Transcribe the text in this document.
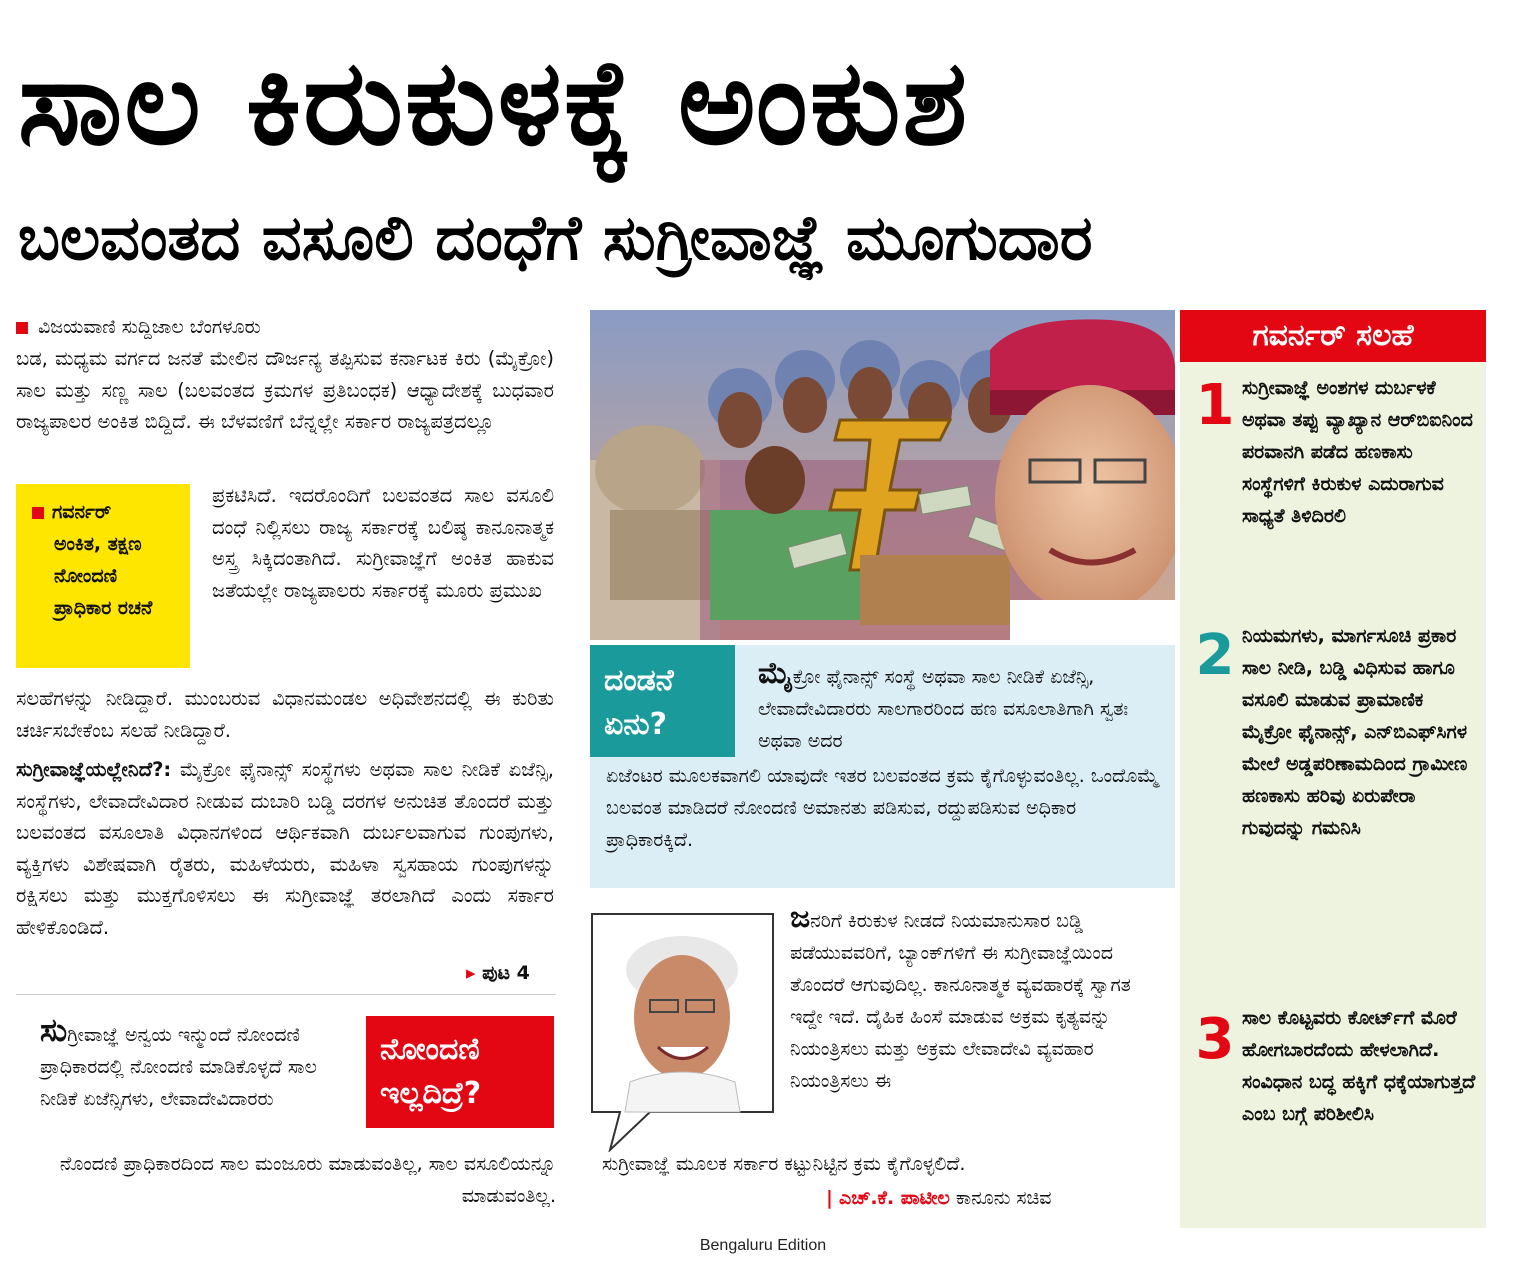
ಸಾಲ ಕಿರುಕುಳಕ್ಕೆ ಅಂಕುಶ
ಬಲವಂತದ ವಸೂಲಿ ದಂಧೆಗೆ ಸುಗ್ರೀವಾಜ್ಞೆ ಮೂಗುದಾರ
ವಿಜಯವಾಣಿ ಸುದ್ದಿಜಾಲ ಬೆಂಗಳೂರು
ಬಡ, ಮಧ್ಯಮ ವರ್ಗದ ಜನತೆ ಮೇಲಿನ ದೌರ್ಜನ್ಯ ತಪ್ಪಿಸುವ ಕರ್ನಾಟಕ ಕಿರು (ಮೈಕ್ರೋ) ಸಾಲ ಮತ್ತು ಸಣ್ಣ ಸಾಲ (ಬಲವಂತದ ಕ್ರಮಗಳ ಪ್ರತಿಬಂಧಕ) ಆಧ್ಯಾದೇಶಕ್ಕೆ ಬುಧವಾರ ರಾಜ್ಯಪಾಲರ ಅಂಕಿತ ಬಿದ್ದಿದೆ. ಈ ಬೆಳವಣಿಗೆ ಬೆನ್ನಲ್ಲೇ ಸರ್ಕಾರ ರಾಜ್ಯಪತ್ರದಲ್ಲೂ
ಪ್ರಕಟಿಸಿದೆ. ಇದರೊಂದಿಗೆ ಬಲವಂತದ ಸಾಲ ವಸೂಲಿ ದಂಧೆ ನಿಲ್ಲಿಸಲು ರಾಜ್ಯ ಸರ್ಕಾರಕ್ಕೆ ಬಲಿಷ್ಠ ಕಾನೂನಾತ್ಮಕ ಅಸ್ತ್ರ ಸಿಕ್ಕಿದಂತಾಗಿದೆ. ಸುಗ್ರೀವಾಜ್ಞೆಗೆ ಅಂಕಿತ ಹಾಕುವ ಜತೆಯಲ್ಲೇ ರಾಜ್ಯಪಾಲರು ಸರ್ಕಾರಕ್ಕೆ ಮೂರು ಪ್ರಮುಖ
ಸಲಹೆಗಳನ್ನು ನೀಡಿದ್ದಾರೆ. ಮುಂಬರುವ ವಿಧಾನಮಂಡಲ ಅಧಿವೇಶನದಲ್ಲಿ ಈ ಕುರಿತು ಚರ್ಚಿಸಬೇಕೆಂಬ ಸಲಹೆ ನೀಡಿದ್ದಾರೆ.
ಸುಗ್ರೀವಾಜ್ಞೆಯಲ್ಲೇನಿದೆ?: ಮೈಕ್ರೋ ಫೈನಾನ್ಸ್ ಸಂಸ್ಥೆಗಳು ಅಥವಾ ಸಾಲ ನೀಡಿಕೆ ಏಜೆನ್ಸಿ, ಸಂಸ್ಥೆಗಳು, ಲೇವಾದೇವಿದಾರ ನೀಡುವ ದುಬಾರಿ ಬಡ್ಡಿ ದರಗಳ ಅನುಚಿತ ತೊಂದರೆ ಮತ್ತು ಬಲವಂತದ ವಸೂಲಾತಿ ವಿಧಾನಗಳಿಂದ ಆರ್ಥಿಕವಾಗಿ ದುರ್ಬಲವಾಗುವ ಗುಂಪುಗಳು, ವ್ಯಕ್ತಿಗಳು ವಿಶೇಷವಾಗಿ ರೈತರು, ಮಹಿಳೆಯರು, ಮಹಿಳಾ ಸ್ವಸಹಾಯ ಗುಂಪುಗಳನ್ನು ರಕ್ಷಿಸಲು ಮತ್ತು ಮುಕ್ತಗೊಳಿಸಲು ಈ ಸುಗ್ರೀವಾಜ್ಞೆ ತರಲಾಗಿದೆ ಎಂದು ಸರ್ಕಾರ ಹೇಳಿಕೊಂಡಿದೆ.
▸ ಪುಟ 4
ಗವರ್ನರ್
ಅಂಕಿತ, ತಕ್ಷಣ ನೋಂದಣಿ ಪ್ರಾಧಿಕಾರ ರಚನೆ
ಸುಗ್ರೀವಾಜ್ಞೆ ಅನ್ವಯ ಇನ್ಮುಂದೆ ನೋಂದಣಿ ಪ್ರಾಧಿಕಾರದಲ್ಲಿ ನೋಂದಣಿ ಮಾಡಿಕೊಳ್ಳದೆ ಸಾಲ ನೀಡಿಕೆ ಏಜೆನ್ಸಿಗಳು, ಲೇವಾದೇವಿದಾರರು
ನೊಂದಣಿ ಪ್ರಾಧಿಕಾರದಿಂದ ಸಾಲ ಮಂಜೂರು ಮಾಡುವಂತಿಲ್ಲ, ಸಾಲ ವಸೂಲಿಯನ್ನೂ ಮಾಡುವಂತಿಲ್ಲ.
ನೋಂದಣಿ ಇಲ್ಲದಿದ್ರೆ?
ದಂಡನೆ ಏನು?
ಮೈಕ್ರೋ ಫೈನಾನ್ಸ್ ಸಂಸ್ಥೆ ಅಥವಾ ಸಾಲ ನೀಡಿಕೆ ಏಜೆನ್ಸಿ, ಲೇವಾದೇವಿದಾರರು ಸಾಲಗಾರರಿಂದ ಹಣ ವಸೂಲಾತಿಗಾಗಿ ಸ್ವತಃ ಅಥವಾ ಅದರ
ಏಜೆಂಟರ ಮೂಲಕವಾಗಲಿ ಯಾವುದೇ ಇತರ ಬಲವಂತದ ಕ್ರಮ ಕೈಗೊಳ್ಳುವಂತಿಲ್ಲ. ಒಂದೊಮ್ಮೆ ಬಲವಂತ ಮಾಡಿದರೆ ನೋಂದಣಿ ಅಮಾನತು ಪಡಿಸುವ, ರದ್ದುಪಡಿಸುವ ಅಧಿಕಾರ ಪ್ರಾಧಿಕಾರಕ್ಕಿದೆ.
ಜನರಿಗೆ ಕಿರುಕುಳ ನೀಡದೆ ನಿಯಮಾನುಸಾರ ಬಡ್ಡಿ ಪಡೆಯುವವರಿಗೆ, ಬ್ಯಾಂಕ್‌ಗಳಿಗೆ ಈ ಸುಗ್ರೀವಾಜ್ಞೆಯಿಂದ ತೊಂದರೆ ಆಗುವುದಿಲ್ಲ. ಕಾನೂನಾತ್ಮಕ ವ್ಯವಹಾರಕ್ಕೆ ಸ್ವಾಗತ ಇದ್ದೇ ಇದೆ. ದೈಹಿಕ ಹಿಂಸೆ ಮಾಡುವ ಅಕ್ರಮ ಕೃತ್ಯವನ್ನು ನಿಯಂತ್ರಿಸಲು ಮತ್ತು ಅಕ್ರಮ ಲೇವಾದೇವಿ ವ್ಯವಹಾರ ನಿಯಂತ್ರಿಸಲು ಈ
ಸುಗ್ರೀವಾಜ್ಞೆ ಮೂಲಕ ಸರ್ಕಾರ ಕಟ್ಟುನಿಟ್ಟಿನ ಕ್ರಮ ಕೈಗೊಳ್ಳಲಿದೆ.
| ಎಚ್.ಕೆ. ಪಾಟೀಲ ಕಾನೂನು ಸಚಿವ
ಗವರ್ನರ್ ಸಲಹೆ
1 ಸುಗ್ರೀವಾಜ್ಞೆ ಅಂಶಗಳ ದುರ್ಬಳಕೆ ಅಥವಾ ತಪ್ಪು ವ್ಯಾಖ್ಯಾನ ಆರ್‌ಬಿಐನಿಂದ ಪರವಾನಗಿ ಪಡೆದ ಹಣಕಾಸು ಸಂಸ್ಥೆಗಳಿಗೆ ಕಿರುಕುಳ ಎದುರಾಗುವ ಸಾಧ್ಯತೆ ತಿಳಿದಿರಲಿ
2 ನಿಯಮಗಳು, ಮಾರ್ಗಸೂಚಿ ಪ್ರಕಾರ ಸಾಲ ನೀಡಿ, ಬಡ್ಡಿ ವಿಧಿಸುವ ಹಾಗೂ ವಸೂಲಿ ಮಾಡುವ ಪ್ರಾಮಾಣಿಕ ಮೈಕ್ರೋ ಫೈನಾನ್ಸ್, ಎನ್‌ಬಿಎಫ್‌ಸಿಗಳ ಮೇಲೆ ಅಡ್ಡಪರಿಣಾಮದಿಂದ ಗ್ರಾಮೀಣ ಹಣಕಾಸು ಹರಿವು ಏರುಪೇರಾ ಗುವುದನ್ನು ಗಮನಿಸಿ
3 ಸಾಲ ಕೊಟ್ಟವರು ಕೋರ್ಟ್‌ಗೆ ಮೊರೆ ಹೋಗಬಾರದೆಂದು ಹೇಳಲಾಗಿದೆ. ಸಂವಿಧಾನ ಬದ್ಧ ಹಕ್ಕಿಗೆ ಧಕ್ಕೆಯಾಗುತ್ತದೆ ಎಂಬ ಬಗ್ಗೆ ಪರಿಶೀಲಿಸಿ
Bengaluru Edition
